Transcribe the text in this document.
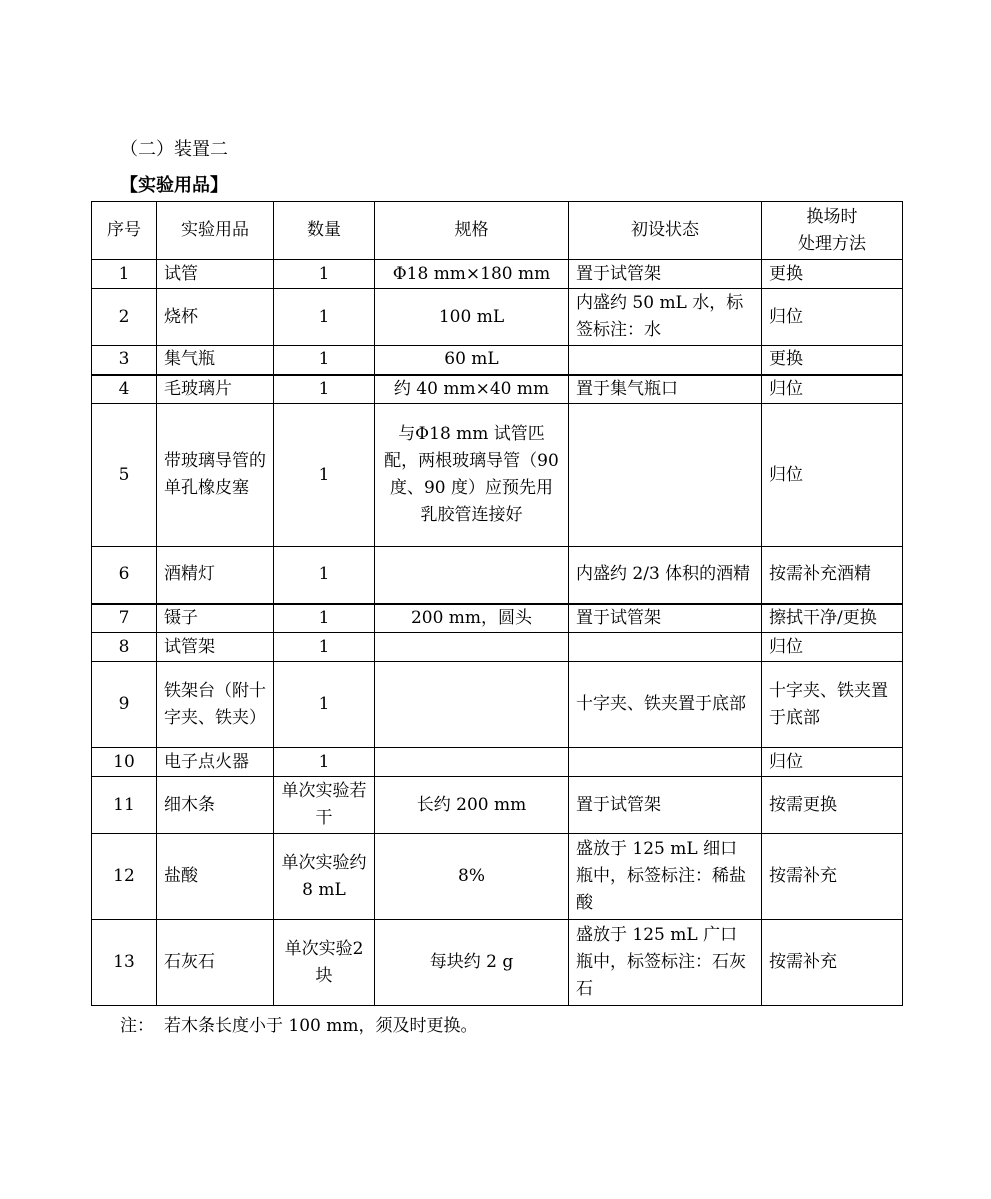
（二）装置二
【实验用品】
序号	实验用品	数量	规格	初设状态	换场时
处理方法
1	试管	1	Φ18 mm×180 mm	置于试管架	更换
2	烧杯	1	100 mL	内盛约 50 mL 水，标签标注：水	归位
3	集气瓶	1	60 mL		更换
4	毛玻璃片	1	约 40 mm×40 mm	置于集气瓶口	归位
5	带玻璃导管的单孔橡皮塞	1	与Φ18 mm 试管匹配，两根玻璃导管（90 度、90 度）应预先用乳胶管连接好		归位
6	酒精灯	1		内盛约 2/3 体积的酒精	按需补充酒精
7	镊子	1	200 mm，圆头	置于试管架	擦拭干净/更换
8	试管架	1			归位
9	铁架台（附十字夹、铁夹）	1		十字夹、铁夹置于底部	十字夹、铁夹置于底部
10	电子点火器	1			归位
11	细木条	单次实验若干	长约 200 mm	置于试管架	按需更换
12	盐酸	单次实验约 8 mL	8%	盛放于 125 mL 细口瓶中，标签标注：稀盐酸	按需补充
13	石灰石	单次实验2 块	每块约 2 g	盛放于 125 mL 广口瓶中，标签标注：石灰石	按需补充
注： 若木条长度小于 100 mm，须及时更换。
